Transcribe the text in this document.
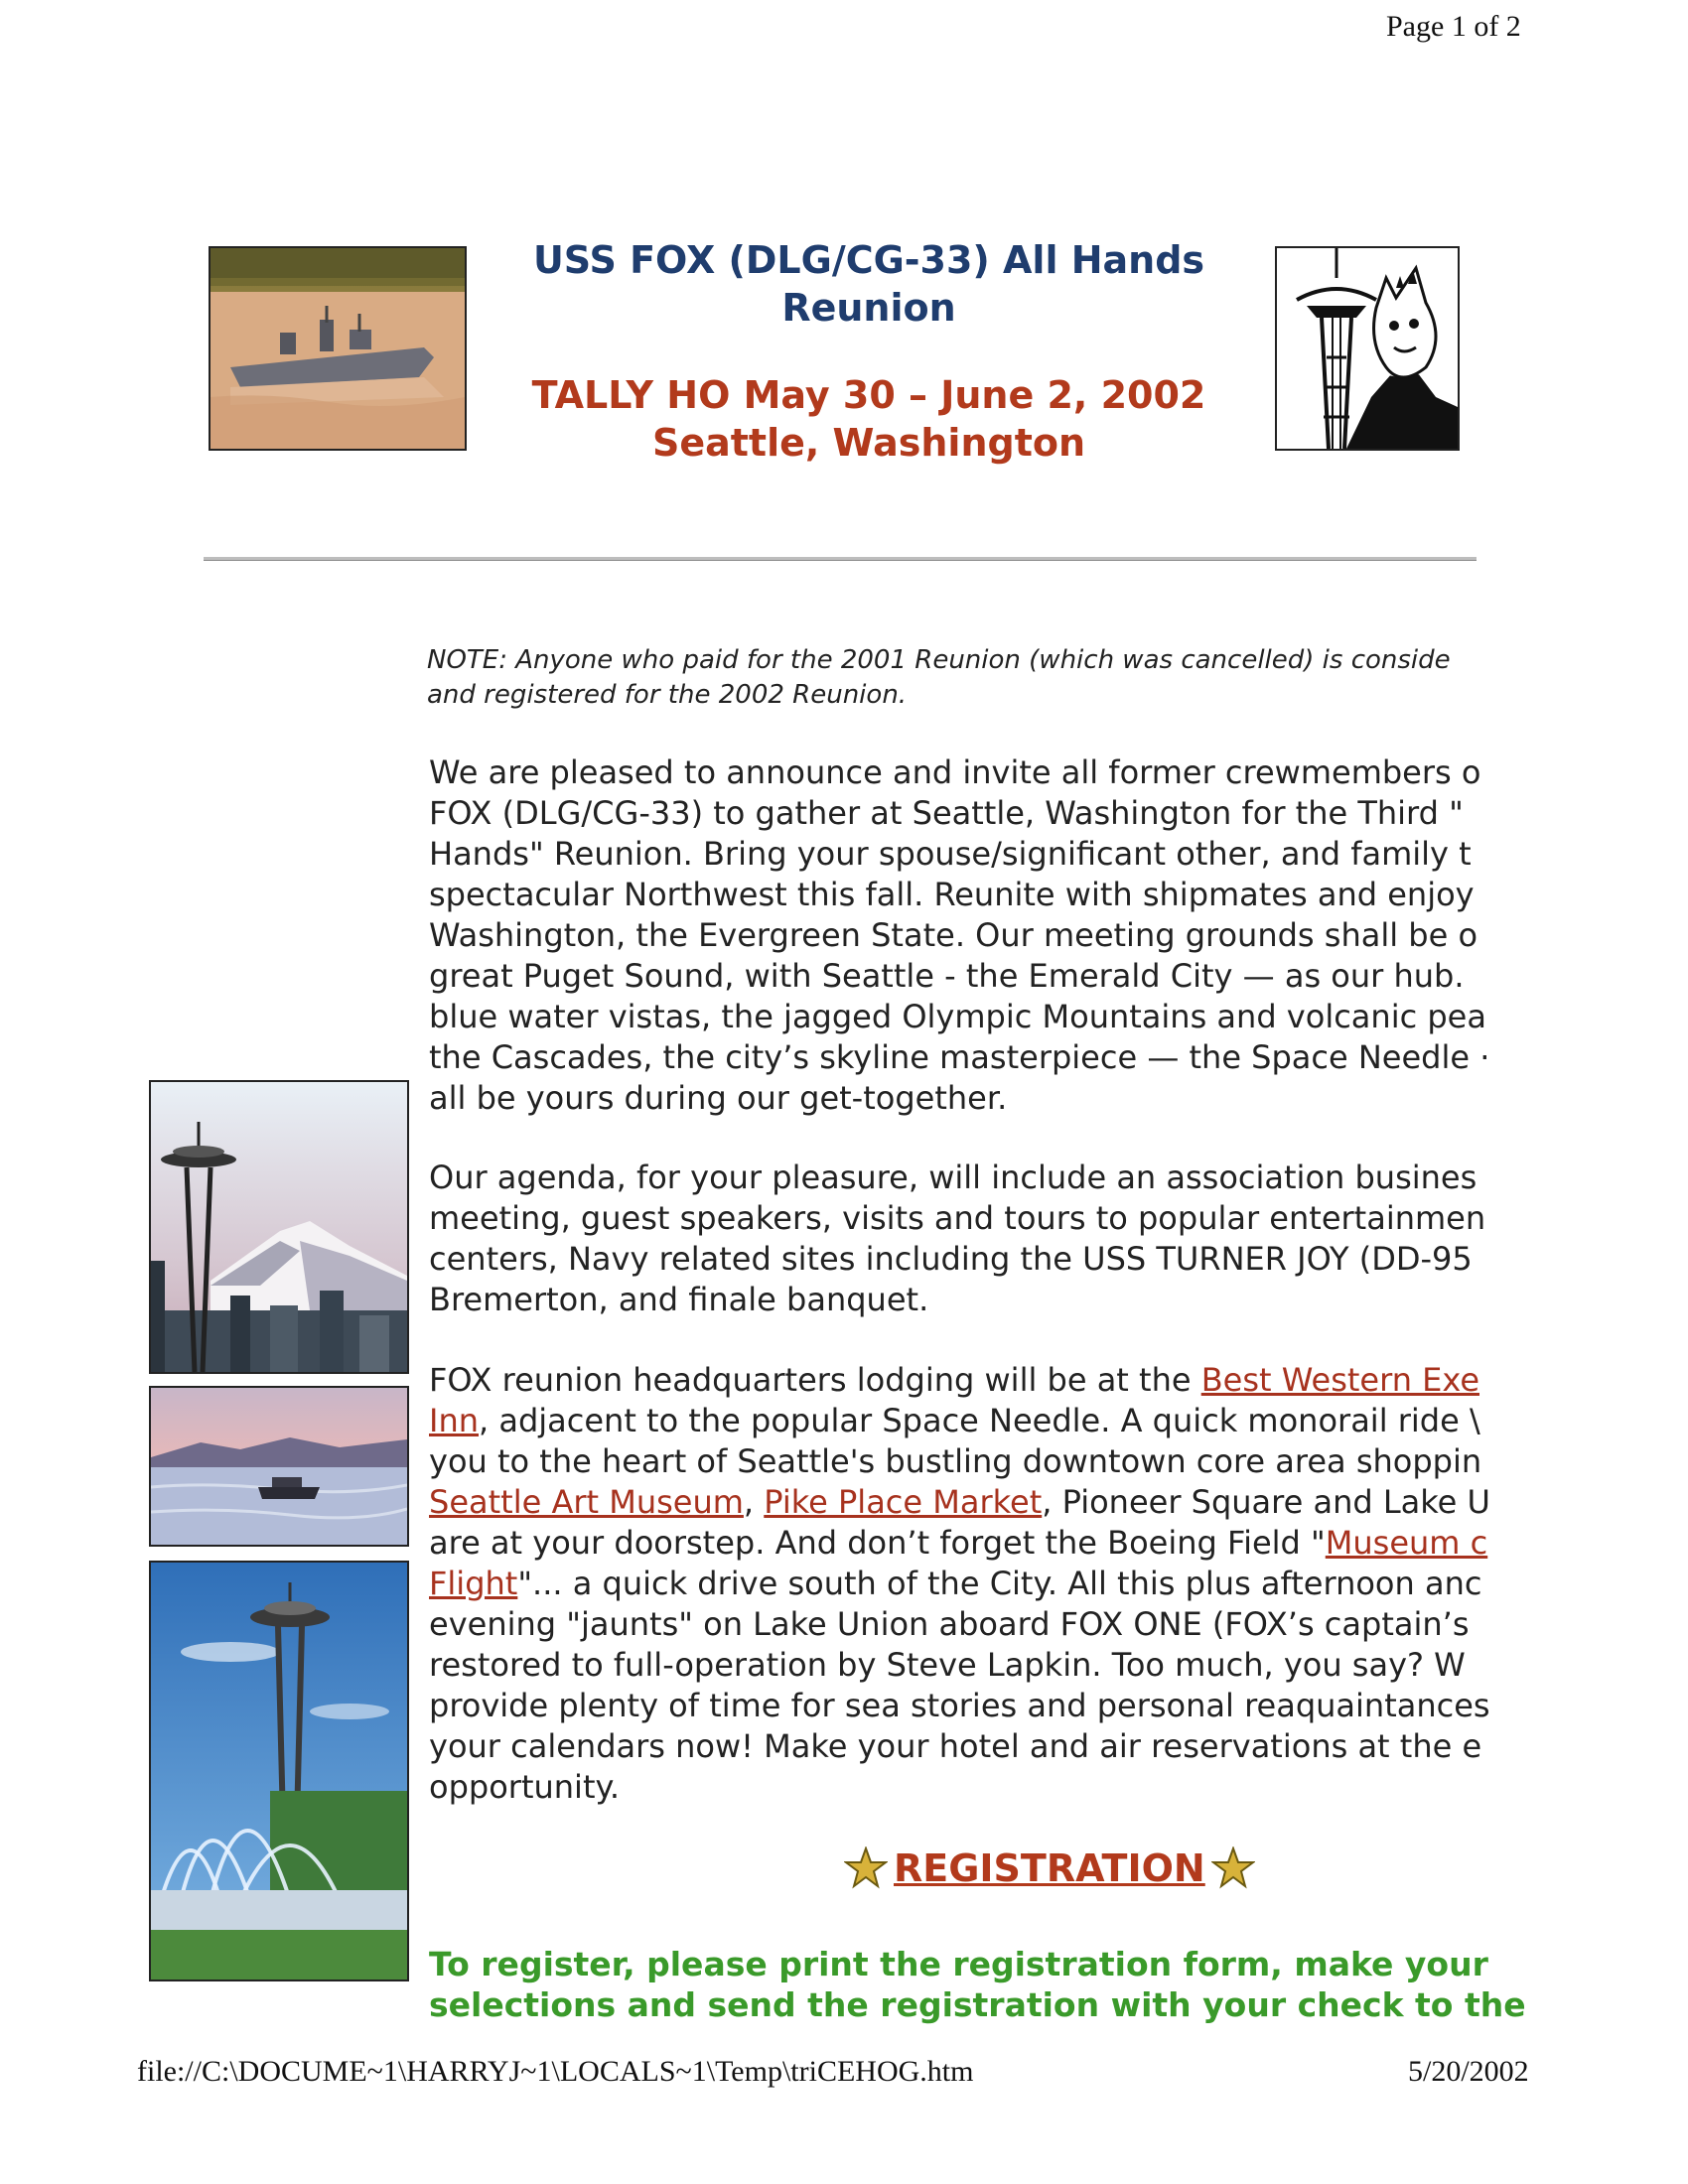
Page 1 of 2
USS FOX (DLG/CG-33) All Hands
Reunion
TALLY HO May 30 – June 2, 2002
Seattle, Washington
NOTE: Anyone who paid for the 2001 Reunion (which was cancelled) is conside
and registered for the 2002 Reunion.
We are pleased to announce and invite all former crewmembers o
FOX (DLG/CG-33) to gather at Seattle, Washington for the Third "
Hands" Reunion. Bring your spouse/significant other, and family t
spectacular Northwest this fall. Reunite with shipmates and enjoy
Washington, the Evergreen State. Our meeting grounds shall be o
great Puget Sound, with Seattle - the Emerald City — as our hub.
blue water vistas, the jagged Olympic Mountains and volcanic pea
the Cascades, the city’s skyline masterpiece — the Space Needle ·
all be yours during our get-together.
Our agenda, for your pleasure, will include an association busines
meeting, guest speakers, visits and tours to popular entertainmen
centers, Navy related sites including the USS TURNER JOY (DD-95
Bremerton, and finale banquet.
FOX reunion headquarters lodging will be at the Best Western Exe
Inn, adjacent to the popular Space Needle. A quick monorail ride \
you to the heart of Seattle's bustling downtown core area shoppin
Seattle Art Museum, Pike Place Market, Pioneer Square and Lake U
are at your doorstep. And don’t forget the Boeing Field "Museum c
Flight"... a quick drive south of the City. All this plus afternoon anc
evening "jaunts" on Lake Union aboard FOX ONE (FOX’s captain’s
restored to full-operation by Steve Lapkin. Too much, you say? W
provide plenty of time for sea stories and personal reaquaintances
your calendars now! Make your hotel and air reservations at the e
opportunity.
REGISTRATION
To register, please print the registration form, make your
selections and send the registration with your check to the
file://C:\DOCUME~1\HARRYJ~1\LOCALS~1\Temp\triCEHOG.htm	5/20/2002
